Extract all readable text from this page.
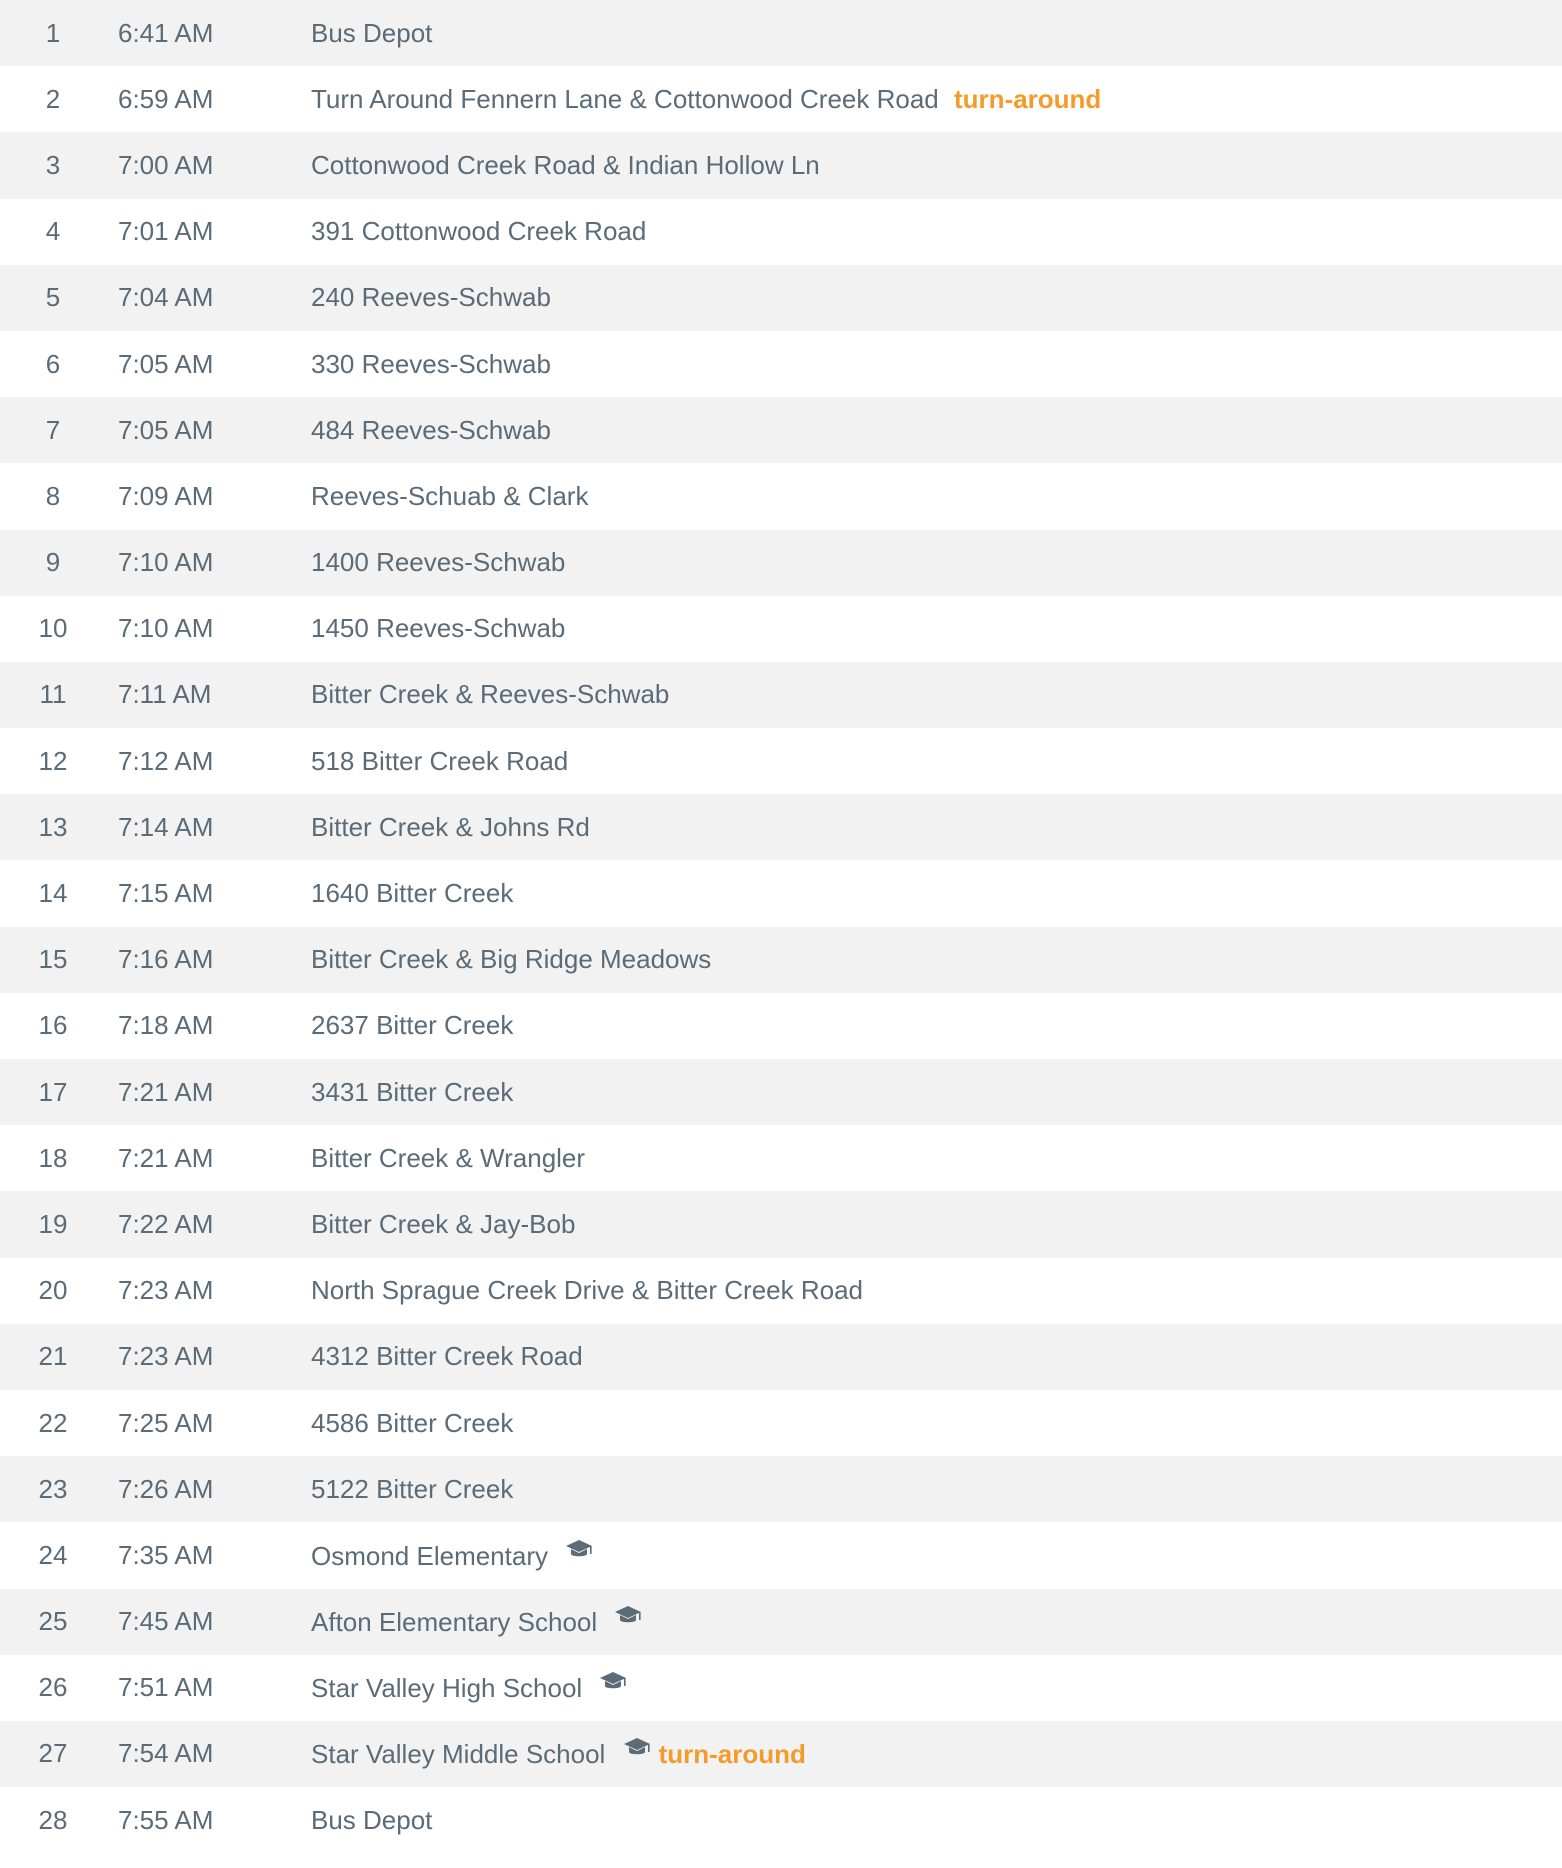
1	6:41 AM	Bus Depot
2	6:59 AM	Turn Around Fennern Lane & Cottonwood Creek Road turn-around
3	7:00 AM	Cottonwood Creek Road & Indian Hollow Ln
4	7:01 AM	391 Cottonwood Creek Road
5	7:04 AM	240 Reeves-Schwab
6	7:05 AM	330 Reeves-Schwab
7	7:05 AM	484 Reeves-Schwab
8	7:09 AM	Reeves-Schuab & Clark
9	7:10 AM	1400 Reeves-Schwab
10	7:10 AM	1450 Reeves-Schwab
11	7:11 AM	Bitter Creek & Reeves-Schwab
12	7:12 AM	518 Bitter Creek Road
13	7:14 AM	Bitter Creek & Johns Rd
14	7:15 AM	1640 Bitter Creek
15	7:16 AM	Bitter Creek & Big Ridge Meadows
16	7:18 AM	2637 Bitter Creek
17	7:21 AM	3431 Bitter Creek
18	7:21 AM	Bitter Creek & Wrangler
19	7:22 AM	Bitter Creek & Jay-Bob
20	7:23 AM	North Sprague Creek Drive & Bitter Creek Road
21	7:23 AM	4312 Bitter Creek Road
22	7:25 AM	4586 Bitter Creek
23	7:26 AM	5122 Bitter Creek
24	7:35 AM	Osmond Elementary

25	7:45 AM	Afton Elementary School

26	7:51 AM	Star Valley High School

27	7:54 AM	Star Valley Middle School turn-around
28	7:55 AM	Bus Depot
